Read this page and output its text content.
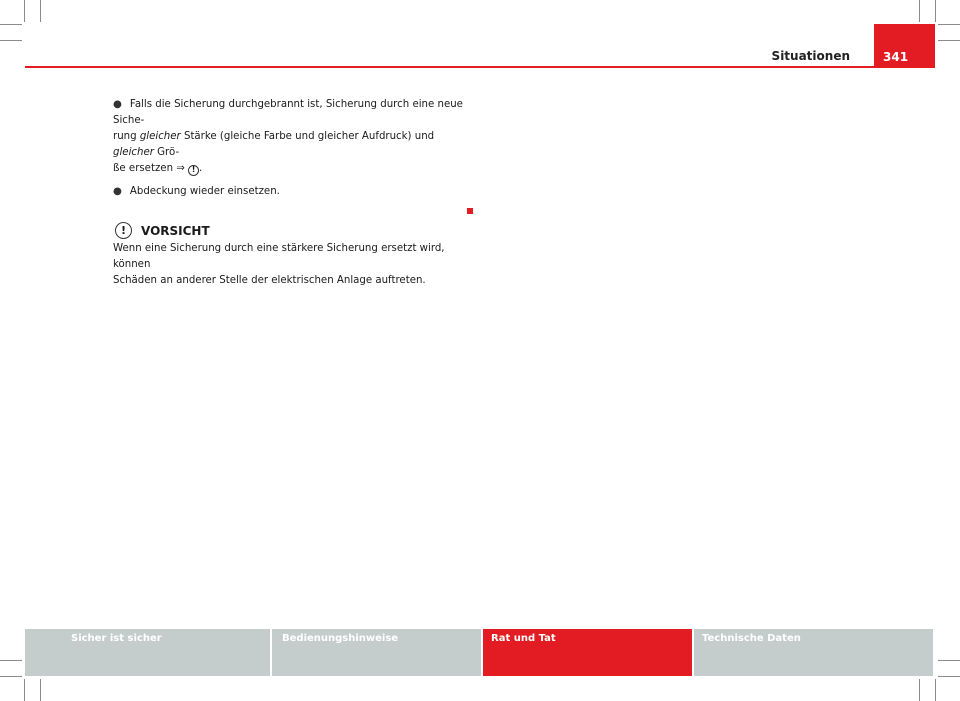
Situationen	341

● Falls die Sicherung durchgebrannt ist, Sicherung durch eine neue Siche-
rung gleicher Stärke (gleiche Farbe und gleicher Aufdruck) und gleicher Grö-
ße ersetzen ⇒ ! .

● Abdeckung wieder einsetzen.

!	VORSICHT

Wenn eine Sicherung durch eine stärkere Sicherung ersetzt wird, können
Schäden an anderer Stelle der elektrischen Anlage auftreten.

Sicher ist sicher	Bedienungshinweise	Rat und Tat	Technische Daten
